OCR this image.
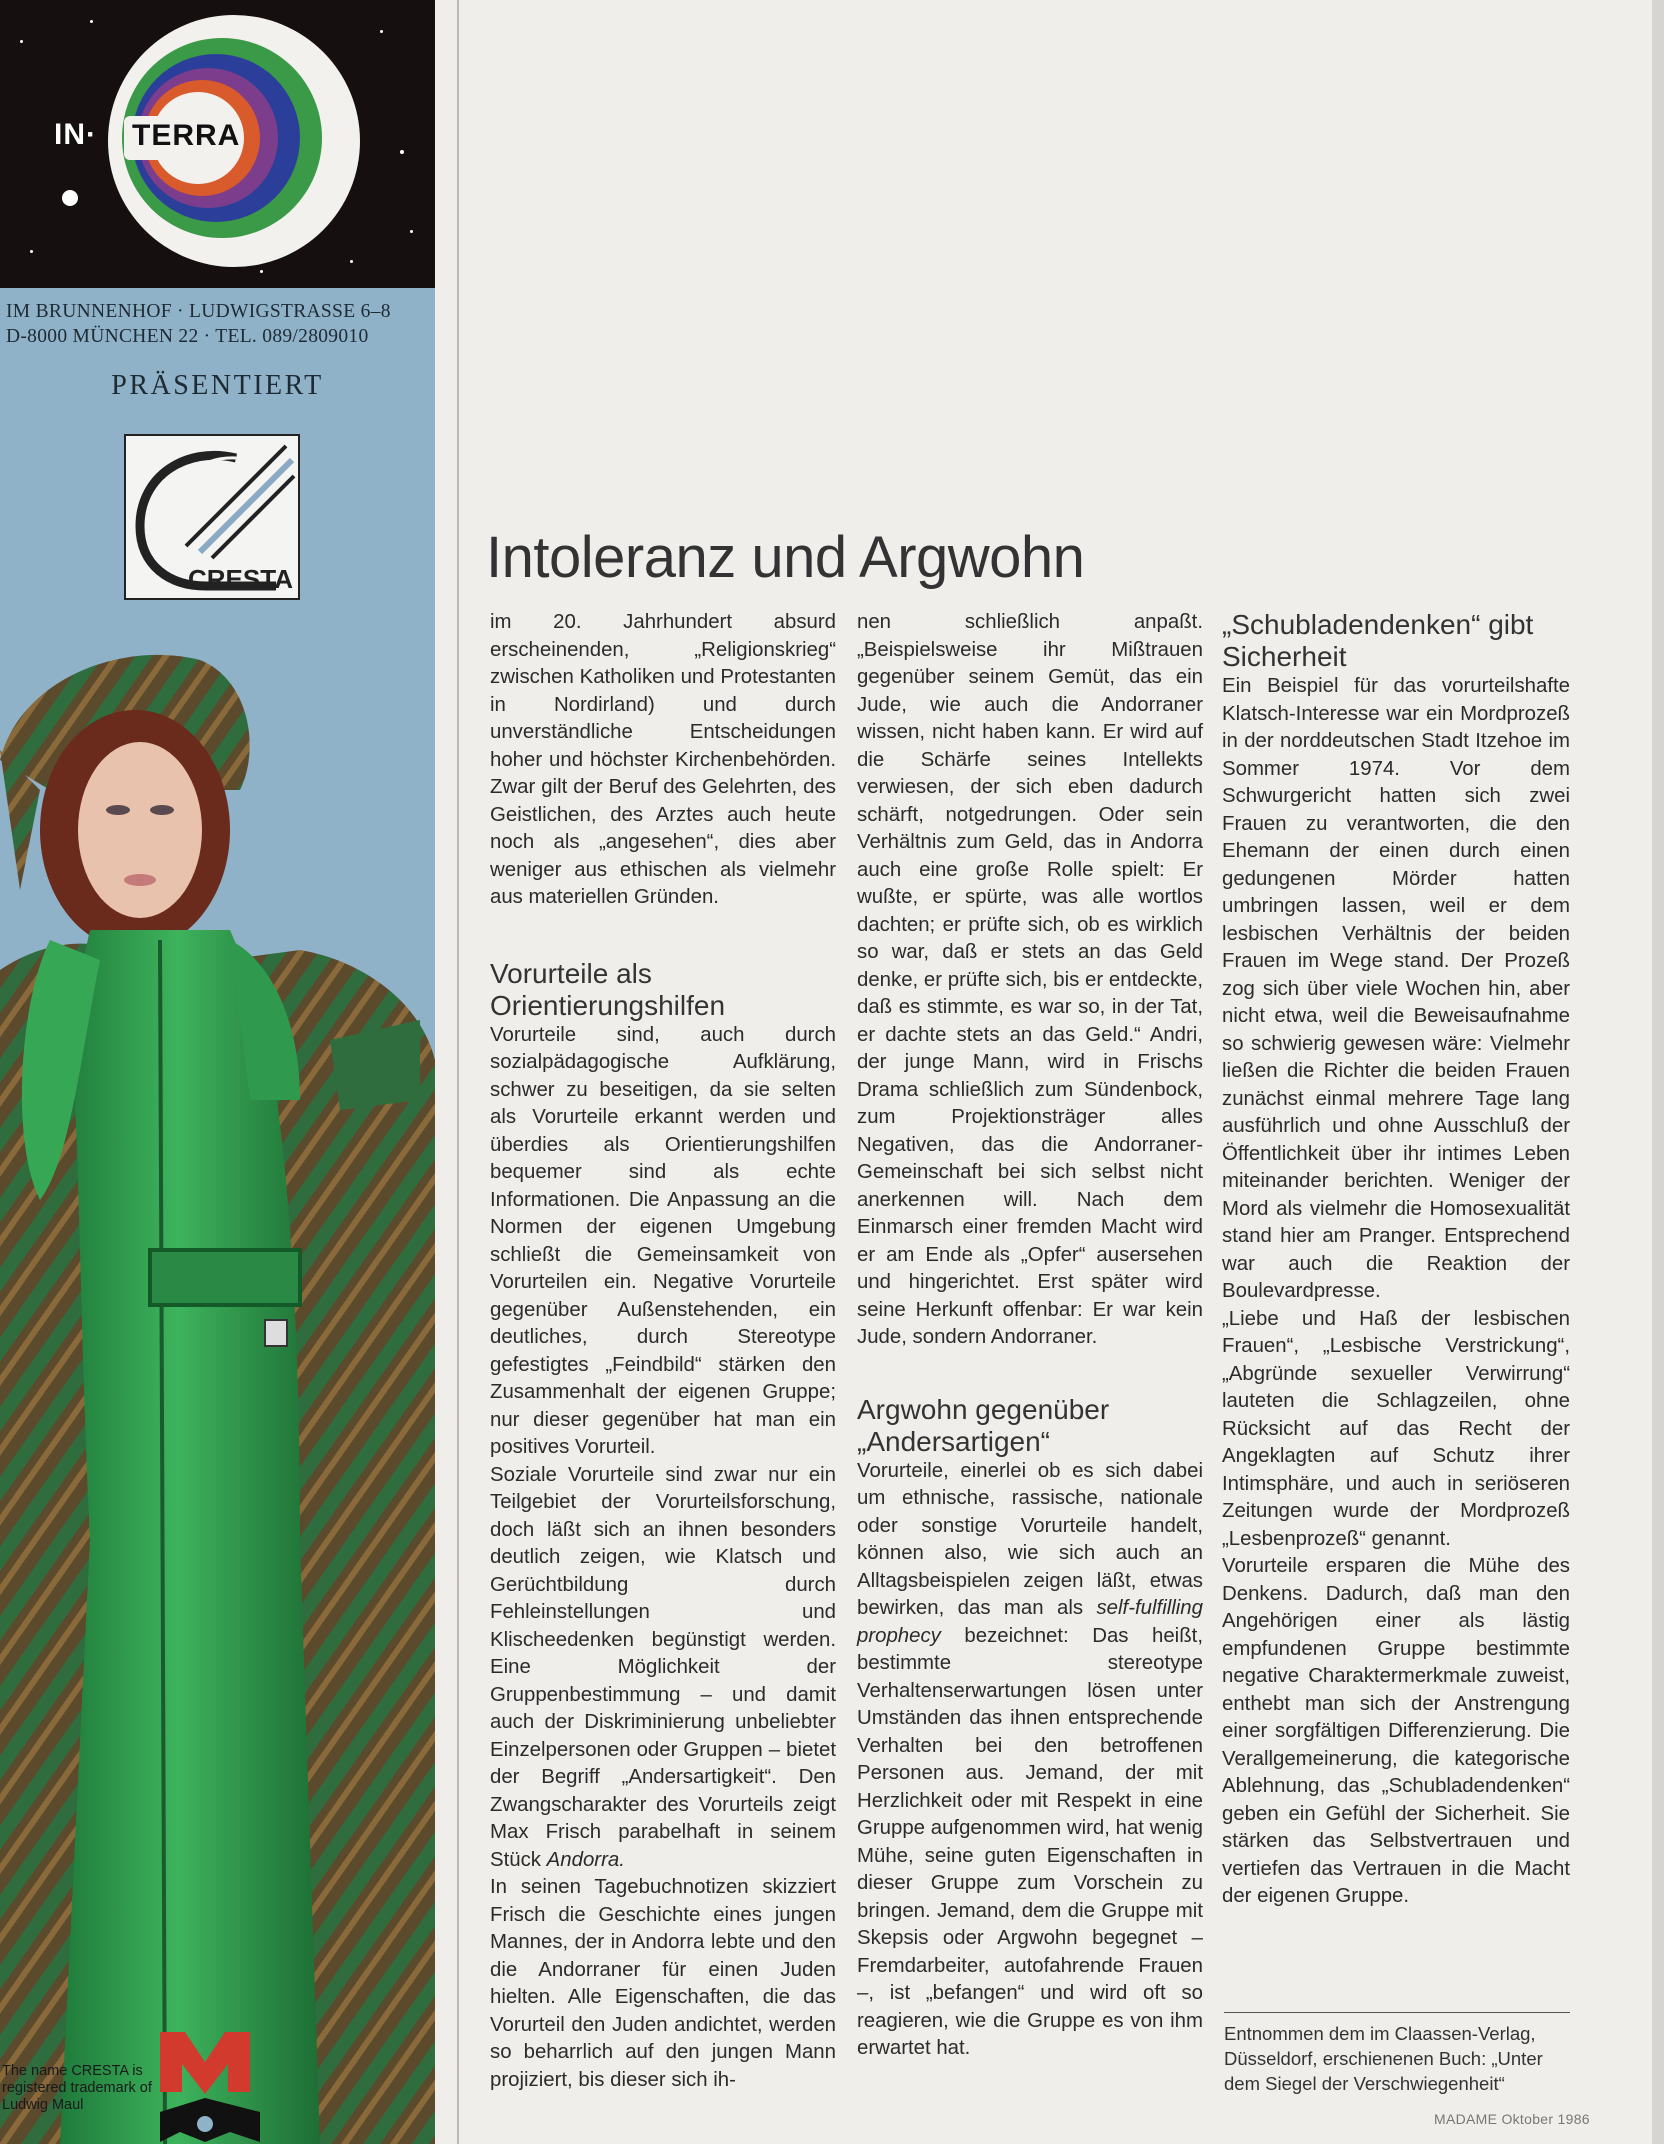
IN· TERRA
IM BRUNNENHOF · LUDWIGSTRASSE 6–8
D-8000 MÜNCHEN 22 · TEL. 089/2809010
PRÄSENTIERT
CRESTA
The name CRESTA is registered trademark of Ludwig Maul
Intoleranz und Argwohn

im 20. Jahrhundert absurd erscheinenden, „Religionskrieg“ zwischen Katholiken und Protestanten in Nordirland) und durch unverständliche Entscheidungen hoher und höchster Kirchenbehörden. Zwar gilt der Beruf des Gelehrten, des Geistlichen, des Arztes auch heute noch als „angesehen“, dies aber weniger aus ethischen als vielmehr aus materiellen Gründen.

Vorurteile als Orientierungshilfen

Vorurteile sind, auch durch sozialpädagogische Aufklärung, schwer zu beseitigen, da sie selten als Vorurteile erkannt werden und überdies als Orientierungshilfen bequemer sind als echte Informationen. Die Anpassung an die Normen der eigenen Umgebung schließt die Gemeinsamkeit von Vorurteilen ein. Negative Vorurteile gegenüber Außenstehenden, ein deutliches, durch Stereotype gefestigtes „Feindbild“ stärken den Zusammenhalt der eigenen Gruppe; nur dieser gegenüber hat man ein positives Vorurteil.

Soziale Vorurteile sind zwar nur ein Teilgebiet der Vorurteilsforschung, doch läßt sich an ihnen besonders deutlich zeigen, wie Klatsch und Gerüchtbildung durch Fehleinstellungen und Klischeedenken begünstigt werden. Eine Möglichkeit der Gruppenbestimmung – und damit auch der Diskriminierung unbeliebter Einzelpersonen oder Gruppen – bietet der Begriff „Andersartigkeit“. Den Zwangscharakter des Vorurteils zeigt Max Frisch parabelhaft in seinem Stück Andorra.

In seinen Tagebuchnotizen skizziert Frisch die Geschichte eines jungen Mannes, der in Andorra lebte und den die Andorraner für einen Juden hielten. Alle Eigenschaften, die das Vorurteil den Juden andichtet, werden so beharrlich auf den jungen Mann projiziert, bis dieser sich ih-

nen schließlich anpaßt. „Beispielsweise ihr Mißtrauen gegenüber seinem Gemüt, das ein Jude, wie auch die Andorraner wissen, nicht haben kann. Er wird auf die Schärfe seines Intellekts verwiesen, der sich eben dadurch schärft, notgedrungen. Oder sein Verhältnis zum Geld, das in Andorra auch eine große Rolle spielt: Er wußte, er spürte, was alle wortlos dachten; er prüfte sich, ob es wirklich so war, daß er stets an das Geld denke, er prüfte sich, bis er entdeckte, daß es stimmte, es war so, in der Tat, er dachte stets an das Geld.“ Andri, der junge Mann, wird in Frischs Drama schließlich zum Sündenbock, zum Projektionsträger alles Negativen, das die Andorraner-Gemeinschaft bei sich selbst nicht anerkennen will. Nach dem Einmarsch einer fremden Macht wird er am Ende als „Opfer“ ausersehen und hingerichtet. Erst später wird seine Herkunft offenbar: Er war kein Jude, sondern Andorraner.

Argwohn gegenüber „Andersartigen“

Vorurteile, einerlei ob es sich dabei um ethnische, rassische, nationale oder sonstige Vorurteile handelt, können also, wie sich auch an Alltagsbeispielen zeigen läßt, etwas bewirken, das man als self-fulfilling prophecy bezeichnet: Das heißt, bestimmte stereotype Verhaltenserwartungen lösen unter Umständen das ihnen entsprechende Verhalten bei den betroffenen Personen aus. Jemand, der mit Herzlichkeit oder mit Respekt in eine Gruppe aufgenommen wird, hat wenig Mühe, seine guten Eigenschaften in dieser Gruppe zum Vorschein zu bringen. Jemand, dem die Gruppe mit Skepsis oder Argwohn begegnet – Fremdarbeiter, autofahrende Frauen –, ist „befangen“ und wird oft so reagieren, wie die Gruppe es von ihm erwartet hat.

„Schubladendenken“ gibt Sicherheit

Ein Beispiel für das vorurteilshafte Klatsch-Interesse war ein Mordprozeß in der norddeutschen Stadt Itzehoe im Sommer 1974. Vor dem Schwurgericht hatten sich zwei Frauen zu verantworten, die den Ehemann der einen durch einen gedungenen Mörder hatten umbringen lassen, weil er dem lesbischen Verhältnis der beiden Frauen im Wege stand. Der Prozeß zog sich über viele Wochen hin, aber nicht etwa, weil die Beweisaufnahme so schwierig gewesen wäre: Vielmehr ließen die Richter die beiden Frauen zunächst einmal mehrere Tage lang ausführlich und ohne Ausschluß der Öffentlichkeit über ihr intimes Leben miteinander berichten. Weniger der Mord als vielmehr die Homosexualität stand hier am Pranger. Entsprechend war auch die Reaktion der Boulevardpresse.

„Liebe und Haß der lesbischen Frauen“, „Lesbische Verstrickung“, „Abgründe sexueller Verwirrung“ lauteten die Schlagzeilen, ohne Rücksicht auf das Recht der Angeklagten auf Schutz ihrer Intimsphäre, und auch in seriöseren Zeitungen wurde der Mordprozeß „Lesbenprozeß“ genannt.

Vorurteile ersparen die Mühe des Denkens. Dadurch, daß man den Angehörigen einer als lästig empfundenen Gruppe bestimmte negative Charaktermerkmale zuweist, enthebt man sich der Anstrengung einer sorgfältigen Differenzierung. Die Verallgemeinerung, die kategorische Ablehnung, das „Schubladendenken“ geben ein Gefühl der Sicherheit. Sie stärken das Selbstvertrauen und vertiefen das Vertrauen in die Macht der eigenen Gruppe.

Entnommen dem im Claassen-Verlag, Düsseldorf, erschienenen Buch: „Unter dem Siegel der Verschwiegenheit“
MADAME Oktober 1986
